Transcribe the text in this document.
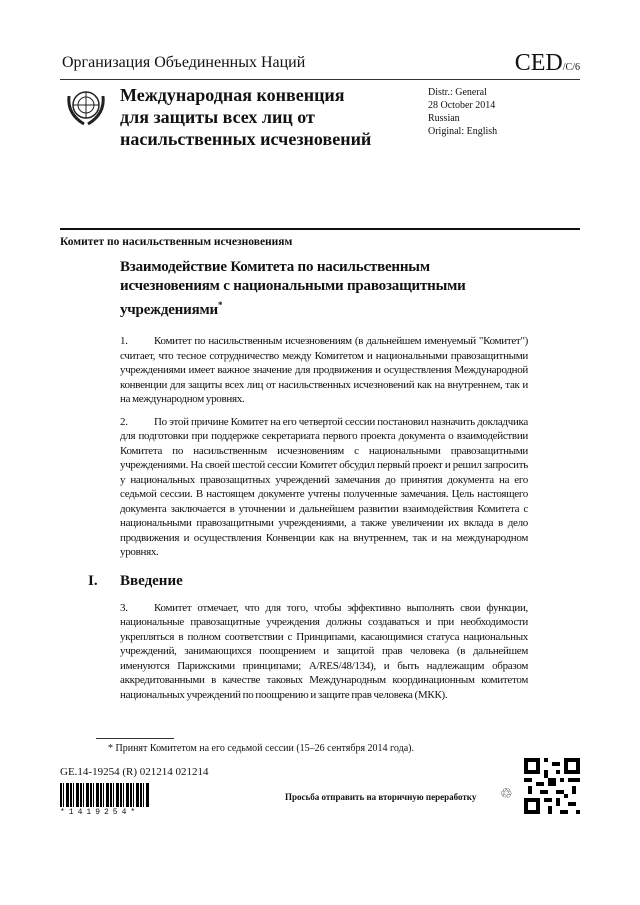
Организация Объединенных Наций	CED/C/6
Международная конвенция
для защиты всех лиц от
насильственных исчезновений
Distr.: General
28 October 2014
Russian
Original: English
Комитет по насильственным исчезновениям
Взаимодействие Комитета по насильственным исчезновениям с национальными правозащитными учреждениями*
1. Комитет по насильственным исчезновениям (в дальнейшем именуемый "Комитет") считает, что тесное сотрудничество между Комитетом и национальными правозащитными учреждениями имеет важное значение для продвижения и осуществления Международной конвенции для защиты всех лиц от насильственных исчезновений как на внутреннем, так и на международном уровнях.
2. По этой причине Комитет на его четвертой сессии постановил назначить докладчика для подготовки при поддержке секретариата первого проекта документа о взаимодействии Комитета по насильственным исчезновениям с национальными правозащитными учреждениями. На своей шестой сессии Комитет обсудил первый проект и решил запросить у национальных правозащитных учреждений замечания до принятия документа на его седьмой сессии. В настоящем документе учтены полученные замечания. Цель настоящего документа заключается в уточнении и дальнейшем развитии взаимодействия Комитета с национальными правозащитными учреждениями, а также увеличении их вклада в дело продвижения и осуществления Конвенции как на внутреннем, так и на международном уровнях.
I.	Введение
3. Комитет отмечает, что для того, чтобы эффективно выполнять свои функции, национальные правозащитные учреждения должны создаваться и при необходимости укрепляться в полном соответствии с Принципами, касающимися статуса национальных учреждений, занимающихся поощрением и защитой прав человека (в дальнейшем именуются Парижскими принципами; A/RES/48/134), и быть надлежащим образом аккредитованными в качестве таковых Международным координационным комитетом национальных учреждений по поощрению и защите прав человека (МКК).
* Принят Комитетом на его седьмой сессии (15–26 сентября 2014 года).
GE.14-19254 (R) 021214 021214
*1419254*
Просьба отправить на вторичную переработку ♲
